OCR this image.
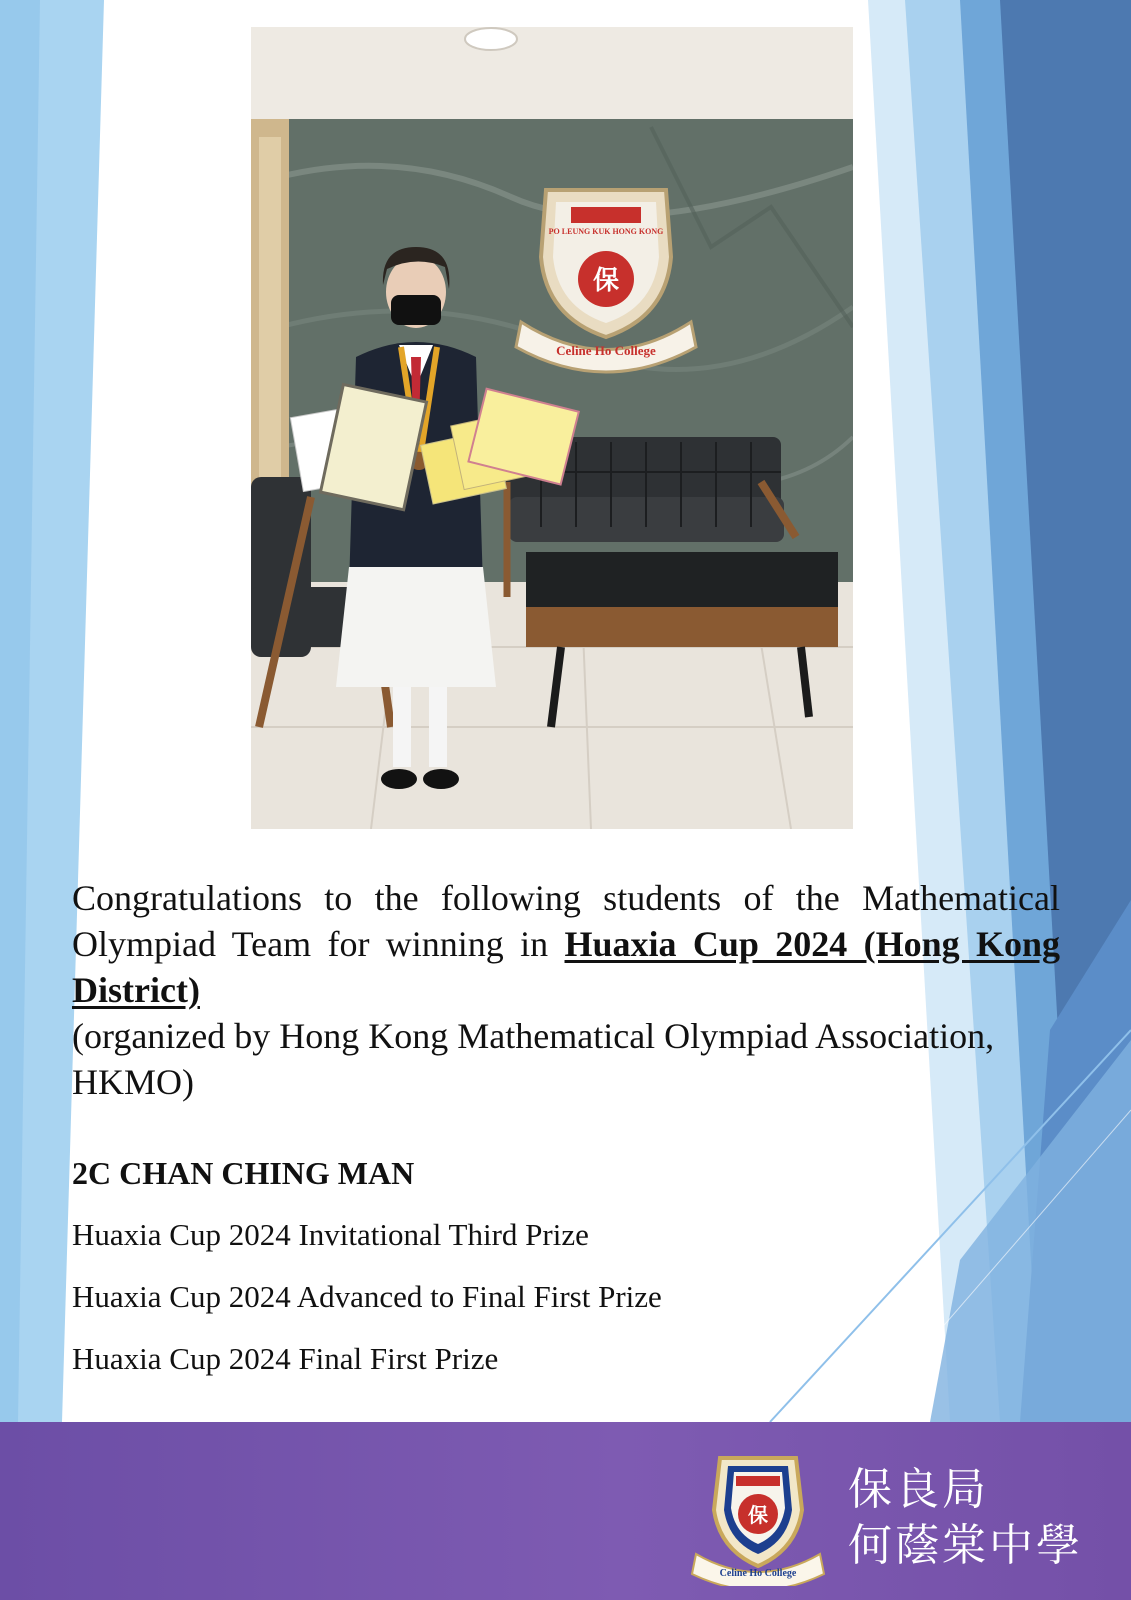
保
Celine Ho College
PO LEUNG KUK HONG KONG
Congratulations to the following students of the Mathematical Olympiad Team for winning in Huaxia Cup 2024 (Hong Kong District)
(organized by Hong Kong Mathematical Olympiad Association, HKMO)

2C CHAN CHING MAN

Huaxia Cup 2024 Invitational Third Prize
Huaxia Cup 2024 Advanced to Final First Prize
Huaxia Cup 2024 Final First Prize
保
Celine Ho College
保良局
何蔭棠中學
